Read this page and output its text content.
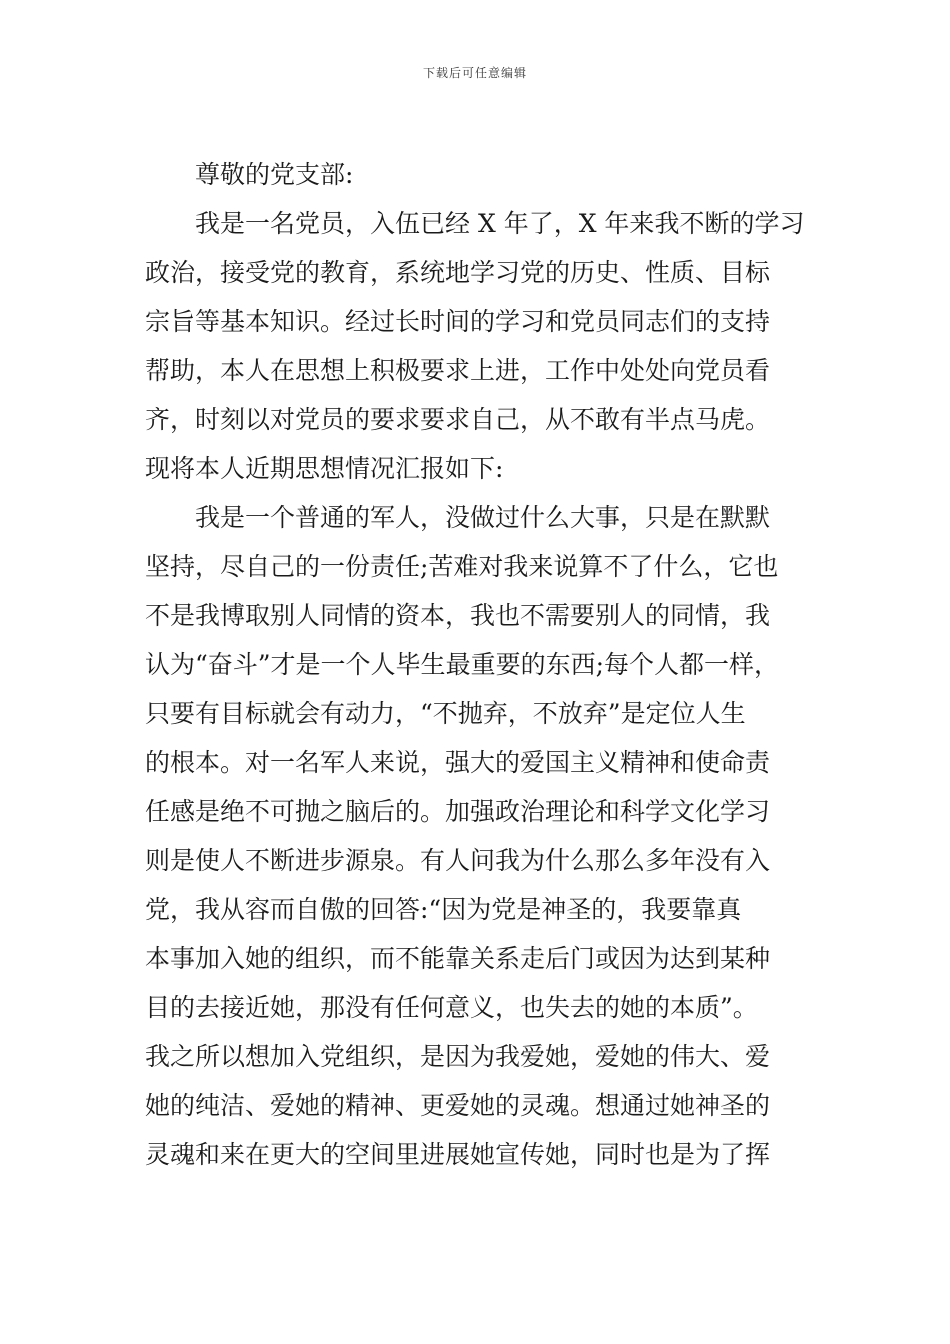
下载后可任意编辑
尊敬的党支部:
我是一名党员，入伍已经 X 年了，X 年来我不断的学习
政治，接受党的教育，系统地学习党的历史、性质、目标
宗旨等基本知识。经过长时间的学习和党员同志们的支持
帮助，本人在思想上积极要求上进，工作中处处向党员看
齐，时刻以对党员的要求要求自己，从不敢有半点马虎。
现将本人近期思想情况汇报如下:
我是一个普通的军人，没做过什么大事，只是在默默
坚持，尽自己的一份责任;苦难对我来说算不了什么，它也
不是我博取别人同情的资本，我也不需要别人的同情，我
认为“奋斗”才是一个人毕生最重要的东西;每个人都一样，
只要有目标就会有动力，“不抛弃，不放弃”是定位人生
的根本。对一名军人来说，强大的爱国主义精神和使命责
任感是绝不可抛之脑后的。加强政治理论和科学文化学习
则是使人不断进步源泉。有人问我为什么那么多年没有入
党，我从容而自傲的回答:“因为党是神圣的，我要靠真
本事加入她的组织，而不能靠关系走后门或因为达到某种
目的去接近她，那没有任何意义，也失去的她的本质”。
我之所以想加入党组织，是因为我爱她，爱她的伟大、爱
她的纯洁、爱她的精神、更爱她的灵魂。想通过她神圣的
灵魂和来在更大的空间里进展她宣传她，同时也是为了挥
